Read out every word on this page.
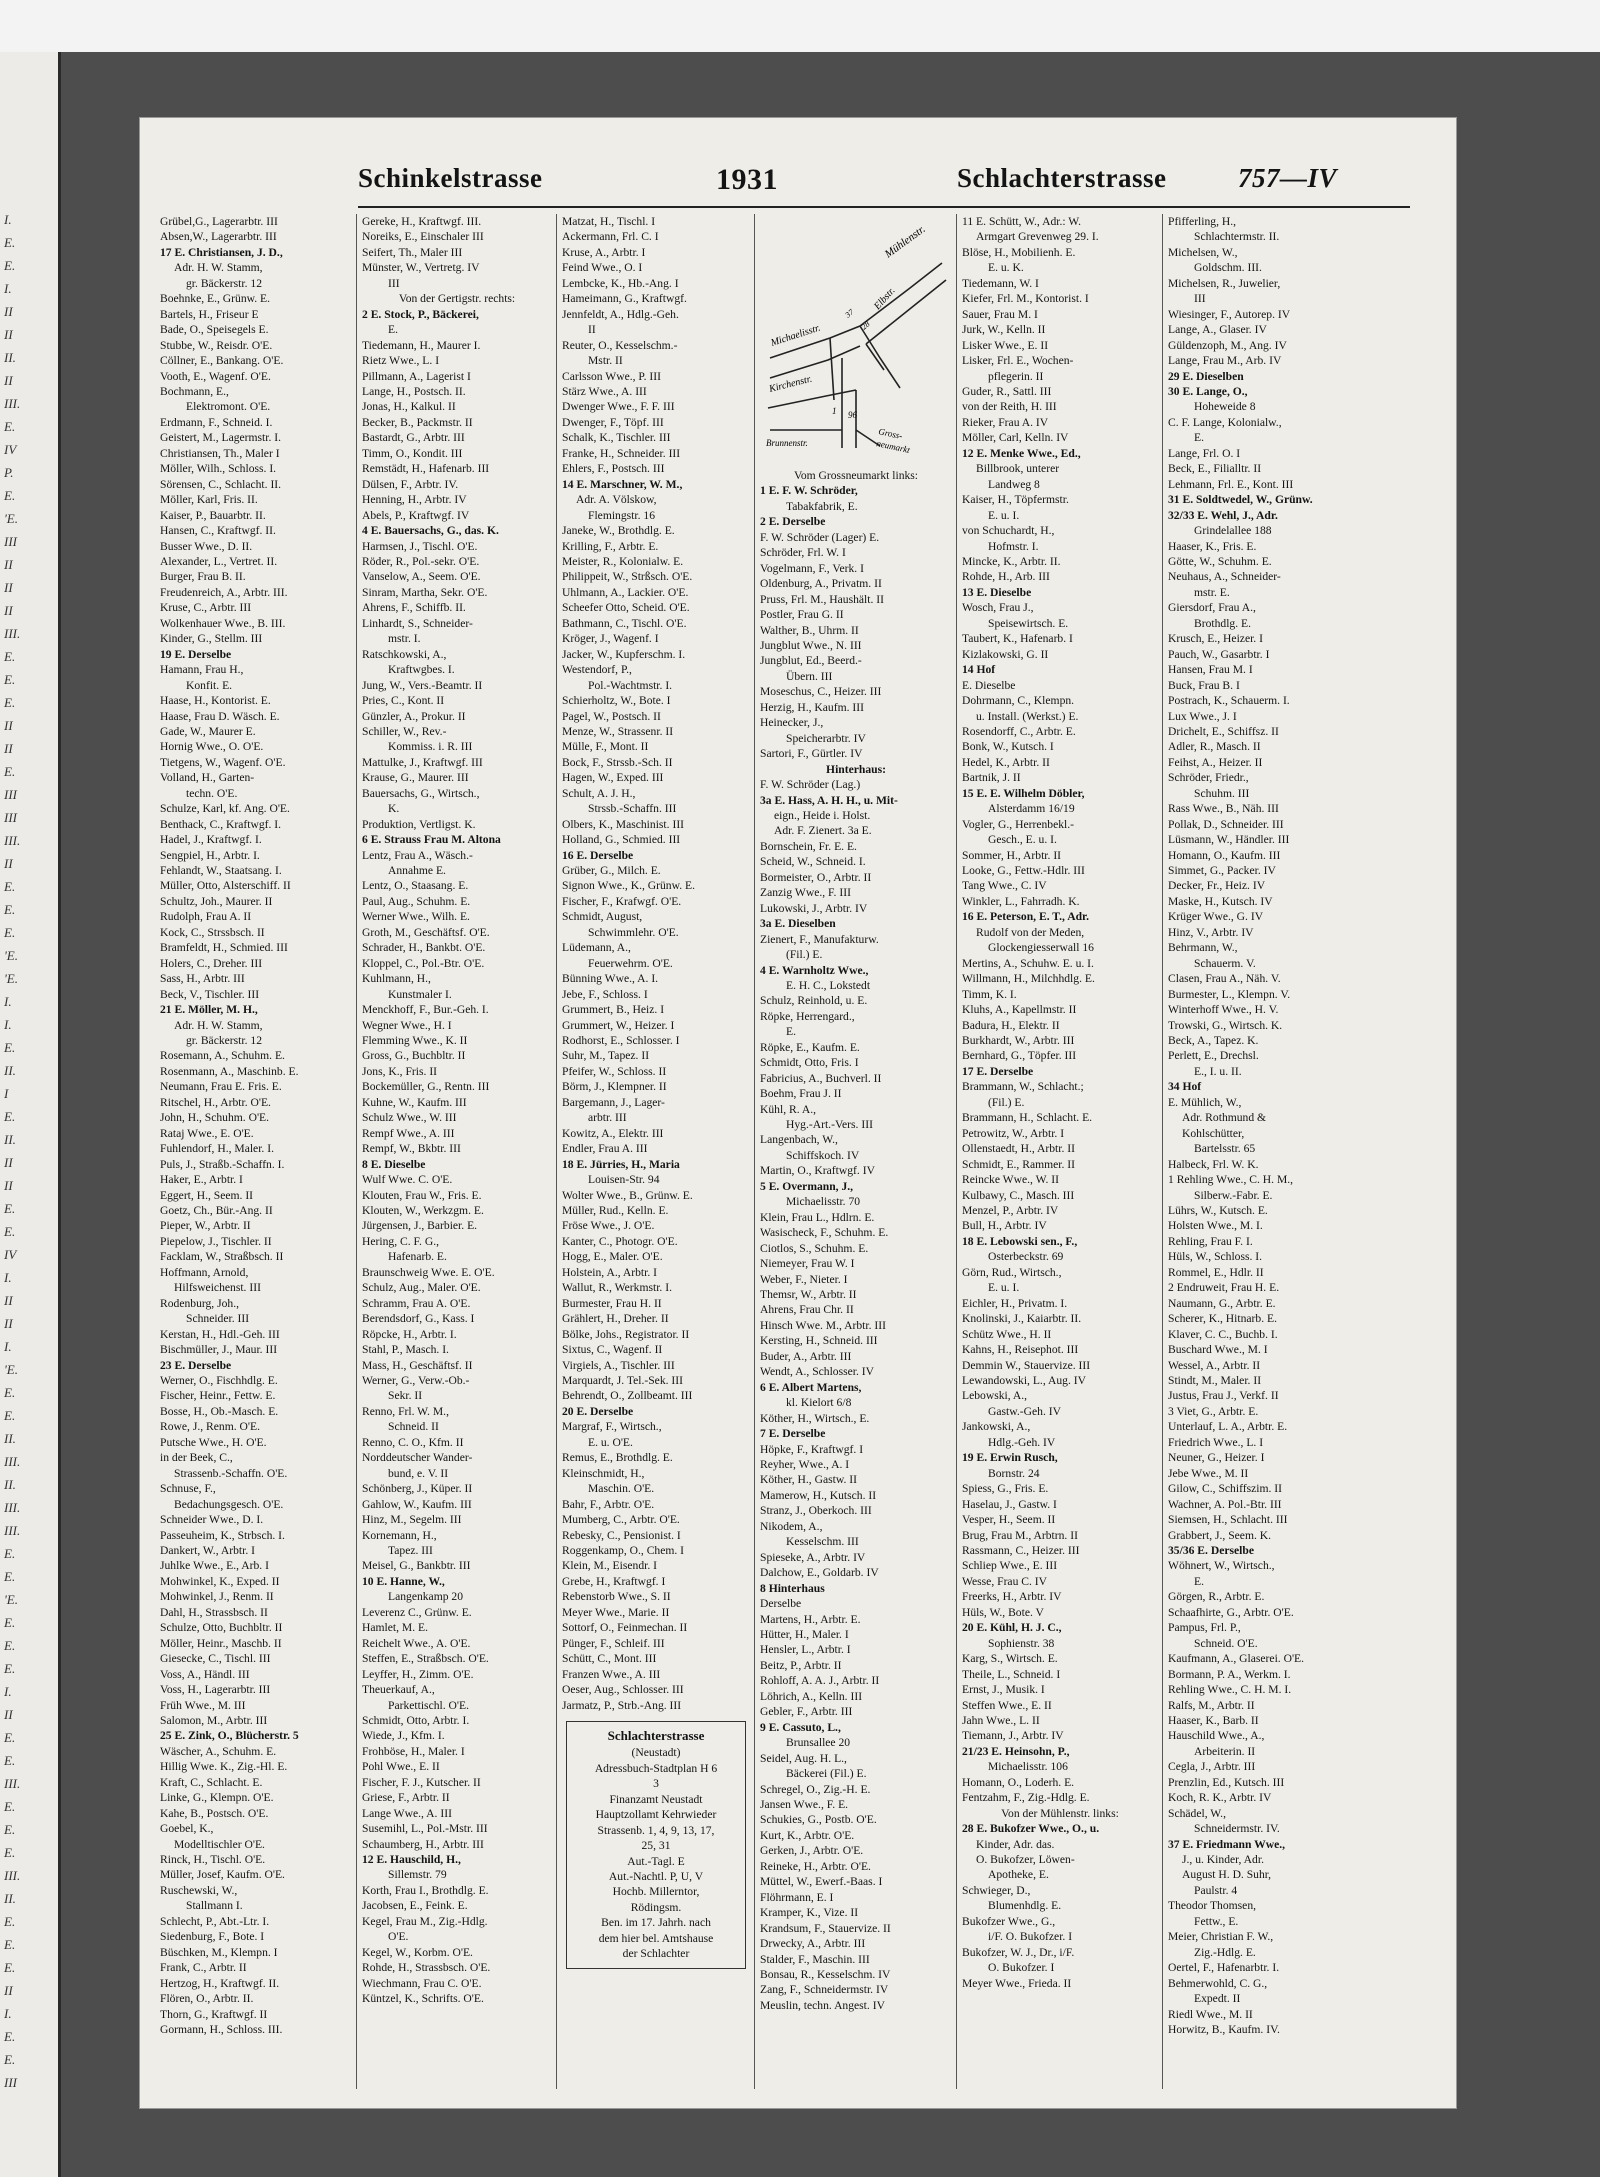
I.
E.
E.
I.
II
II
II.
II
III.
E.
IV
P.
E.
'E.
III
II
II
II
III.
E.
E.
E.
II
II
E.
III
III
III.
II
E.
E.
E.
'E.
'E.
I.
I.
E.
II.
I
E.
II.
II
II
E.
E.
IV
I.
II
II
I.
'E.
E.
E.
II.
III.
II.
III.
III.
E.
E.
'E.
E.
E.
E.
I.
II
E.
E.
III.
E.
E.
E.
III.
II.
E.
E.
E.
II
I.
E.
E.
III
Schinkelstrasse	1931	Schlachterstrasse	757—IV
Grübel,G., Lagerarbtr. III
Absen,W., Lagerarbtr. III
17 E. Christiansen, J. D.,
Adr. H. W. Stamm,
gr. Bäckerstr. 12
Boehnke, E., Grünw. E.
Bartels, H., Friseur E
Bade, O., Speisegels E.
Stubbe, W., Reisdr. O'E.
Cöllner, E., Bankang. O'E.
Vooth, E., Wagenf. O'E.
Bochmann, E.,
Elektromont. O'E.
Erdmann, F., Schneid. I.
Geistert, M., Lagermstr. I.
Christiansen, Th., Maler I
Möller, Wilh., Schloss. I.
Sörensen, C., Schlacht. II.
Möller, Karl, Fris. II.
Kaiser, P., Bauarbtr. II.
Hansen, C., Kraftwgf. II.
Busser Wwe., D. II.
Alexander, L., Vertret. II.
Burger, Frau B. II.
Freudenreich, A., Arbtr. III.
Kruse, C., Arbtr. III
Wolkenhauer Wwe., B. III.
Kinder, G., Stellm. III
19 E. Derselbe
Hamann, Frau H.,
Konfit. E.
Haase, H., Kontorist. E.
Haase, Frau D. Wäsch. E.
Gade, W., Maurer E.
Hornig Wwe., O. O'E.
Tietgens, W., Wagenf. O'E.
Volland, H., Garten-
techn. O'E.
Schulze, Karl, kf. Ang. O'E.
Benthack, C., Kraftwgf. I.
Hadel, J., Kraftwgf. I.
Sengpiel, H., Arbtr. I.
Fehlandt, W., Staatsang. I.
Müller, Otto, Alsterschiff. II
Schultz, Joh., Maurer. II
Rudolph, Frau A. II
Kock, C., Strssbsch. II
Bramfeldt, H., Schmied. III
Holers, C., Dreher. III
Sass, H., Arbtr. III
Beck, V., Tischler. III
21 E. Möller, M. H.,
Adr. H. W. Stamm,
gr. Bäckerstr. 12
Rosemann, A., Schuhm. E.
Rosenmann, A., Maschinb. E.
Neumann, Frau E. Fris. E.
Ritschel, H., Arbtr. O'E.
John, H., Schuhm. O'E.
Rataj Wwe., E. O'E.
Fuhlendorf, H., Maler. I.
Puls, J., Straßb.-Schaffn. I.
Haker, E., Arbtr. I
Eggert, H., Seem. II
Goetz, Ch., Bür.-Ang. II
Pieper, W., Arbtr. II
Piepelow, J., Tischler. II
Facklam, W., Straßbsch. II
Hoffmann, Arnold,
Hilfsweichenst. III
Rodenburg, Joh.,
Schneider. III
Kerstan, H., Hdl.-Geh. III
Bischmüller, J., Maur. III
23 E. Derselbe
Werner, O., Fischhdlg. E.
Fischer, Heinr., Fettw. E.
Bosse, H., Ob.-Masch. E.
Rowe, J., Renm. O'E.
Putsche Wwe., H. O'E.
in der Beek, C.,
Strassenb.-Schaffn. O'E.
Schnuse, F.,
Bedachungsgesch. O'E.
Schneider Wwe., D. I.
Passeuheim, K., Strbsch. I.
Dankert, W., Arbtr. I
Juhlke Wwe., E., Arb. I
Mohwinkel, K., Exped. II
Mohwinkel, J., Renm. II
Dahl, H., Strassbsch. II
Schulze, Otto, Buchbltr. II
Möller, Heinr., Maschb. II
Giesecke, C., Tischl. III
Voss, A., Händl. III
Voss, H., Lagerarbtr. III
Früh Wwe., M. III
Salomon, M., Arbtr. III
25 E. Zink, O., Blücherstr. 5
Wäscher, A., Schuhm. E.
Hillig Wwe. K., Zig.-Hl. E.
Kraft, C., Schlacht. E.
Linke, G., Klempn. O'E.
Kahe, B., Postsch. O'E.
Goebel, K.,
Modelltischler O'E.
Rinck, H., Tischl. O'E.
Müller, Josef, Kaufm. O'E.
Ruschewski, W.,
Stallmann I.
Schlecht, P., Abt.-Ltr. I.
Siedenburg, F., Bote. I
Büschken, M., Klempn. I
Frank, C., Arbtr. II
Hertzog, H., Kraftwgf. II.
Flören, O., Arbtr. II.
Thorn, G., Kraftwgf. II
Gormann, H., Schloss. III.
Gereke, H., Kraftwgf. III.
Noreiks, E., Einschaler III
Seifert, Th., Maler III
Münster, W., Vertretg. IV
III
Von der Gertigstr. rechts:
2 E. Stock, P., Bäckerei,
E.
Tiedemann, H., Maurer I.
Rietz Wwe., L. I
Pillmann, A., Lagerist I
Lange, H., Postsch. II.
Jonas, H., Kalkul. II
Becker, B., Packmstr. II
Bastardt, G., Arbtr. III
Timm, O., Kondit. III
Remstädt, H., Hafenarb. III
Dülsen, F., Arbtr. IV.
Henning, H., Arbtr. IV
Abels, P., Kraftwgf. IV
4 E. Bauersachs, G., das. K.
Harmsen, J., Tischl. O'E.
Röder, R., Pol.-sekr. O'E.
Vanselow, A., Seem. O'E.
Sinram, Martha, Sekr. O'E.
Ahrens, F., Schiffb. II.
Linhardt, S., Schneider-
mstr. I.
Ratschkowski, A.,
Kraftwgbes. I.
Jung, W., Vers.-Beamtr. II
Pries, C., Kont. II
Günzler, A., Prokur. II
Schiller, W., Rev.-
Kommiss. i. R. III
Mattulke, J., Kraftwgf. III
Krause, G., Maurer. III
Bauersachs, G., Wirtsch.,
K.
Produktion, Vertligst. K.
6 E. Strauss Frau M. Altona
Lentz, Frau A., Wäsch.-
Annahme E.
Lentz, O., Staasang. E.
Paul, Aug., Schuhm. E.
Werner Wwe., Wilh. E.
Groth, M., Geschäftsf. O'E.
Schrader, H., Bankbt. O'E.
Kloppel, C., Pol.-Btr. O'E.
Kuhlmann, H.,
Kunstmaler I.
Menckhoff, F., Bur.-Geh. I.
Wegner Wwe., H. I
Flemming Wwe., K. II
Gross, G., Buchbltr. II
Jons, K., Fris. II
Bockemüller, G., Rentn. III
Kuhne, W., Kaufm. III
Schulz Wwe., W. III
Rempf Wwe., A. III
Rempf, W., Bkbtr. III
8 E. Dieselbe
Wulf Wwe. C. O'E.
Klouten, Frau W., Fris. E.
Klouten, W., Werkzgm. E.
Jürgensen, J., Barbier. E.
Hering, C. F. G.,
Hafenarb. E.
Braunschweig Wwe. E. O'E.
Schulz, Aug., Maler. O'E.
Schramm, Frau A. O'E.
Berendsdorf, G., Kass. I
Röpcke, H., Arbtr. I.
Stahl, P., Masch. I.
Mass, H., Geschäftsf. II
Werner, G., Verw.-Ob.-
Sekr. II
Renno, Frl. W. M.,
Schneid. II
Renno, C. O., Kfm. II
Norddeutscher Wander-
bund, e. V. II
Schönberg, J., Küper. II
Gahlow, W., Kaufm. III
Hinz, M., Segelm. III
Kornemann, H.,
Tapez. III
Meisel, G., Bankbtr. III
10 E. Hanne, W.,
Langenkamp 20
Leverenz C., Grünw. E.
Hamlet, M. E.
Reichelt Wwe., A. O'E.
Steffen, E., Straßbsch. O'E.
Leyffer, H., Zimm. O'E.
Theuerkauf, A.,
Parkettischl. O'E.
Schmidt, Otto, Arbtr. I.
Wiede, J., Kfm. I.
Frohböse, H., Maler. I
Pohl Wwe., E. II
Fischer, F. J., Kutscher. II
Griese, F., Arbtr. II
Lange Wwe., A. III
Susemihl, L., Pol.-Mstr. III
Schaumberg, H., Arbtr. III
12 E. Hauschild, H.,
Sillemstr. 79
Korth, Frau I., Brothdlg. E.
Jacobsen, E., Feink. E.
Kegel, Frau M., Zig.-Hdlg.
O'E.
Kegel, W., Korbm. O'E.
Rohde, H., Strassbsch. O'E.
Wiechmann, Frau C. O'E.
Küntzel, K., Schrifts. O'E.
Matzat, H., Tischl. I
Ackermann, Frl. C. I
Kruse, A., Arbtr. I
Feind Wwe., O. I
Lembcke, K., Hb.-Ang. I
Hameimann, G., Kraftwgf.
Jennfeldt, A., Hdlg.-Geh.
II
Reuter, O., Kesselschm.-
Mstr. II
Carlsson Wwe., P. III
Stärz Wwe., A. III
Dwenger Wwe., F. F. III
Dwenger, F., Töpf. III
Schalk, K., Tischler. III
Franke, H., Schneider. III
Ehlers, F., Postsch. III
14 E. Marschner, W. M.,
Adr. A. Völskow,
Flemingstr. 16
Janeke, W., Brothdlg. E.
Krilling, F., Arbtr. E.
Meister, R., Kolonialw. E.
Philippeit, W., Strßsch. O'E.
Uhlmann, A., Lackier. O'E.
Scheefer Otto, Scheid. O'E.
Bathmann, C., Tischl. O'E.
Kröger, J., Wagenf. I
Jacker, W., Kupferschm. I.
Westendorf, P.,
Pol.-Wachtmstr. I.
Schierholtz, W., Bote. I
Pagel, W., Postsch. II
Menze, W., Strassenr. II
Mülle, F., Mont. II
Bock, F., Strssb.-Sch. II
Hagen, W., Exped. III
Schult, A. J. H.,
Strssb.-Schaffn. III
Olbers, K., Maschinist. III
Holland, G., Schmied. III
16 E. Derselbe
Grüber, G., Milch. E.
Signon Wwe., K., Grünw. E.
Fischer, F., Krafwgf. O'E.
Schmidt, August,
Schwimmlehr. O'E.
Lüdemann, A.,
Feuerwehrm. O'E.
Bünning Wwe., A. I.
Jebe, F., Schloss. I
Grummert, B., Heiz. I
Grummert, W., Heizer. I
Rodhorst, E., Schlosser. I
Suhr, M., Tapez. II
Pfeifer, W., Schloss. II
Börm, J., Klempner. II
Bargemann, J., Lager-
arbtr. III
Kowitz, A., Elektr. III
Endler, Frau A. III
18 E. Jürries, H., Maria
Louisen-Str. 94
Wolter Wwe., B., Grünw. E.
Müller, Rud., Kelln. E.
Fröse Wwe., J. O'E.
Kanter, C., Photogr. O'E.
Hogg, E., Maler. O'E.
Holstein, A., Arbtr. I
Wallut, R., Werkmstr. I.
Burmester, Frau H. II
Grählert, H., Dreher. II
Bölke, Johs., Registrator. II
Sixtus, C., Wagenf. II
Virgiels, A., Tischler. III
Marquardt, J. Tel.-Sek. III
Behrendt, O., Zollbeamt. III
20 E. Derselbe
Margraf, F., Wirtsch.,
E. u. O'E.
Remus, E., Brothdlg. E.
Kleinschmidt, H.,
Maschin. O'E.
Bahr, F., Arbtr. O'E.
Mumberg, C., Arbtr. O'E.
Rebesky, C., Pensionist. I
Roggenkamp, O., Chem. I
Klein, M., Eisendr. I
Grebe, H., Kraftwgf. I
Rebenstorb Wwe., S. II
Meyer Wwe., Marie. II
Sottorf, O., Feinmechan. II
Pünger, F., Schleif. III
Schütt, C., Mont. III
Franzen Wwe., A. III
Oeser, Aug., Schlosser. III
Jarmatz, P., Strb.-Ang. III
Schlachterstrasse
(Neustadt)
Adressbuch-Stadtplan H 6
3
Finanzamt Neustadt
Hauptzollamt Kehrwieder
Strassenb. 1, 4, 9, 13, 17,
25, 31
Aut.-Tagl. E
Aut.-Nachtl. P, U, V
Hochb. Millerntor,
Rödingsm.
Ben. im 17. Jahrh. nach
dem hier bel. Amtshause
der Schlachter
Mühlenstr.
Michaelisstr.
Elbstr.
Kirchenstr.
Brunnenstr.
Gross-
neumarkt
96
1
28
37
Vom Grossneumarkt links:
1 E. F. W. Schröder,
Tabakfabrik, E.
2 E. Derselbe
F. W. Schröder (Lager) E.
Schröder, Frl. W. I
Vogelmann, F., Verk. I
Oldenburg, A., Privatm. II
Pruss, Frl. M., Haushält. II
Postler, Frau G. II
Walther, B., Uhrm. II
Jungblut Wwe., N. III
Jungblut, Ed., Beerd.-
Übern. III
Moseschus, C., Heizer. III
Herzig, H., Kaufm. III
Heinecker, J.,
Speicherarbtr. IV
Sartori, F., Gürtler. IV
Hinterhaus:
F. W. Schröder (Lag.)
3a E. Hass, A. H. H., u. Mit-
eign., Heide i. Holst.
Adr. F. Zienert. 3a E.
Bornschein, Fr. E. E.
Scheid, W., Schneid. I.
Bormeister, O., Arbtr. II
Zanzig Wwe., F. III
Lukowski, J., Arbtr. IV
3a E. Dieselben
Zienert, F., Manufakturw.
(Fil.) E.
4 E. Warnholtz Wwe.,
E. H. C., Lokstedt
Schulz, Reinhold, u. E.
Röpke, Herrengard.,
E.
Röpke, E., Kaufm. E.
Schmidt, Otto, Fris. I
Fabricius, A., Buchverl. II
Boehm, Frau J. II
Kühl, R. A.,
Hyg.-Art.-Vers. III
Langenbach, W.,
Schiffskoch. IV
Martin, O., Kraftwgf. IV
5 E. Overmann, J.,
Michaelisstr. 70
Klein, Frau L., Hdlrn. E.
Wasischeck, F., Schuhm. E.
Ciotlos, S., Schuhm. E.
Niemeyer, Frau W. I
Weber, F., Nieter. I
Themsr, W., Arbtr. II
Ahrens, Frau Chr. II
Hinsch Wwe. M., Arbtr. III
Kersting, H., Schneid. III
Buder, A., Arbtr. III
Wendt, A., Schlosser. IV
6 E. Albert Martens,
kl. Kielort 6/8
Köther, H., Wirtsch., E.
7 E. Derselbe
Höpke, F., Kraftwgf. I
Reyher, Wwe., A. I
Köther, H., Gastw. II
Mamerow, H., Kutsch. II
Stranz, J., Oberkoch. III
Nikodem, A.,
Kesselschm. III
Spieseke, A., Arbtr. IV
Dalchow, E., Goldarb. IV
8 Hinterhaus
Derselbe
Martens, H., Arbtr. E.
Hütter, H., Maler. I
Hensler, L., Arbtr. I
Beitz, P., Arbtr. II
Rohloff, A. A. J., Arbtr. II
Löhrich, A., Kelln. III
Gebler, F., Arbtr. III
9 E. Cassuto, L.,
Brunsallee 20
Seidel, Aug. H. L.,
Bäckerei (Fil.) E.
Schregel, O., Zig.-H. E.
Jansen Wwe., F. E.
Schukies, G., Postb. O'E.
Kurt, K., Arbtr. O'E.
Gerken, J., Arbtr. O'E.
Reineke, H., Arbtr. O'E.
Müttel, W., Ewerf.-Baas. I
Flöhrmann, E. I
Kramper, K., Vize. II
Krandsum, F., Stauervize. II
Drwecky, A., Arbtr. III
Stalder, F., Maschin. III
Bonsau, R., Kesselschm. IV
Zang, F., Schneidermstr. IV
Meuslin, techn. Angest. IV
11 E. Schütt, W., Adr.: W.
Armgart Grevenweg 29. I.
Blöse, H., Mobilienh. E.
E. u. K.
Tiedemann, W. I
Kiefer, Frl. M., Kontorist. I
Sauer, Frau M. I
Jurk, W., Kelln. II
Lisker Wwe., E. II
Lisker, Frl. E., Wochen-
pflegerin. II
Guder, R., Sattl. III
von der Reith, H. III
Rieker, Frau A. IV
Möller, Carl, Kelln. IV
12 E. Menke Wwe., Ed.,
Billbrook, unterer
Landweg 8
Kaiser, H., Töpfermstr.
E. u. I.
von Schuchardt, H.,
Hofmstr. I.
Mincke, K., Arbtr. II.
Rohde, H., Arb. III
13 E. Dieselbe
Wosch, Frau J.,
Speisewirtsch. E.
Taubert, K., Hafenarb. I
Kizlakowski, G. II
14 Hof
E. Dieselbe
Dohrmann, C., Klempn.
u. Install. (Werkst.) E.
Rosendorff, C., Arbtr. E.
Bonk, W., Kutsch. I
Hedel, K., Arbtr. II
Bartnik, J. II
15 E. E. Wilhelm Döbler,
Alsterdamm 16/19
Vogler, G., Herrenbekl.-
Gesch., E. u. I.
Sommer, H., Arbtr. II
Looke, G., Fettw.-Hdlr. III
Tang Wwe., C. IV
Winkler, L., Fahrradh. K.
16 E. Peterson, E. T., Adr.
Rudolf von der Meden,
Glockengiesserwall 16
Mertins, A., Schuhw. E. u. I.
Willmann, H., Milchhdlg. E.
Timm, K. I.
Kluhs, A., Kapellmstr. II
Badura, H., Elektr. II
Burkhardt, W., Arbtr. III
Bernhard, G., Töpfer. III
17 E. Derselbe
Brammann, W., Schlacht.;
(Fil.) E.
Brammann, H., Schlacht. E.
Petrowitz, W., Arbtr. I
Ollenstaedt, H., Arbtr. II
Schmidt, E., Rammer. II
Reincke Wwe., W. II
Kulbawy, C., Masch. III
Menzel, P., Arbtr. IV
Bull, H., Arbtr. IV
18 E. Lebowski sen., F.,
Osterbeckstr. 69
Görn, Rud., Wirtsch.,
E. u. I.
Eichler, H., Privatm. I.
Knolinski, J., Kaiarbtr. II.
Schütz Wwe., H. II
Kahns, H., Reisephot. III
Demmin W., Stauervize. III
Lewandowski, L., Aug. IV
Lebowski, A.,
Gastw.-Geh. IV
Jankowski, A.,
Hdlg.-Geh. IV
19 E. Erwin Rusch,
Bornstr. 24
Spiess, G., Fris. E.
Haselau, J., Gastw. I
Vesper, H., Seem. II
Brug, Frau M., Arbtrn. II
Rassmann, C., Heizer. III
Schliep Wwe., E. III
Wesse, Frau C. IV
Freerks, H., Arbtr. IV
Hüls, W., Bote. V
20 E. Kühl, H. J. C.,
Sophienstr. 38
Karg, S., Wirtsch. E.
Theile, L., Schneid. I
Ernst, J., Musik. I
Steffen Wwe., E. II
Jahn Wwe., L. II
Tiemann, J., Arbtr. IV
21/23 E. Heinsohn, P.,
Michaelisstr. 106
Homann, O., Loderh. E.
Fentzahm, F., Zig.-Hdlg. E.
Von der Mühlenstr. links:
28 E. Bukofzer Wwe., O., u.
Kinder, Adr. das.
O. Bukofzer, Löwen-
Apotheke, E.
Schwieger, D.,
Blumenhdlg. E.
Bukofzer Wwe., G.,
i/F. O. Bukofzer. I
Bukofzer, W. J., Dr., i/F.
O. Bukofzer. I
Meyer Wwe., Frieda. II
Pfifferling, H.,
Schlachtermstr. II.
Michelsen, W.,
Goldschm. III.
Michelsen, R., Juwelier,
III
Wiesinger, F., Autorep. IV
Lange, A., Glaser. IV
Güldenzoph, M., Ang. IV
Lange, Frau M., Arb. IV
29 E. Dieselben
30 E. Lange, O.,
Hoheweide 8
C. F. Lange, Kolonialw.,
E.
Lange, Frl. O. I
Beck, E., Filialltr. II
Lehmann, Frl. E., Kont. III
31 E. Soldtwedel, W., Grünw.
32/33 E. Wehl, J., Adr.
Grindelallee 188
Haaser, K., Fris. E.
Götte, W., Schuhm. E.
Neuhaus, A., Schneider-
mstr. E.
Giersdorf, Frau A.,
Brothdlg. E.
Krusch, E., Heizer. I
Pauch, W., Gasarbtr. I
Hansen, Frau M. I
Buck, Frau B. I
Postrach, K., Schauerm. I.
Lux Wwe., J. I
Drichelt, E., Schiffsz. II
Adler, R., Masch. II
Feihst, A., Heizer. II
Schröder, Friedr.,
Schuhm. III
Rass Wwe., B., Näh. III
Pollak, D., Schneider. III
Lüsmann, W., Händler. III
Homann, O., Kaufm. III
Simmet, G., Packer. IV
Decker, Fr., Heiz. IV
Maske, H., Kutsch. IV
Krüger Wwe., G. IV
Hinz, V., Arbtr. IV
Behrmann, W.,
Schauerm. V.
Clasen, Frau A., Näh. V.
Burmester, L., Klempn. V.
Winterhoff Wwe., H. V.
Trowski, G., Wirtsch. K.
Beck, A., Tapez. K.
Perlett, E., Drechsl.
E., I. u. II.
34 Hof
E. Mühlich, W.,
Adr. Rothmund &
Kohlschütter,
Bartelsstr. 65
Halbeck, Frl. W. K.
1 Rehling Wwe., C. H. M.,
Silberw.-Fabr. E.
Lührs, W., Kutsch. E.
Holsten Wwe., M. I.
Rehling, Frau F. I.
Hüls, W., Schloss. I.
Rommel, E., Hdlr. II
2 Endruweit, Frau H. E.
Naumann, G., Arbtr. E.
Scherer, K., Hitnarb. E.
Klaver, C. C., Buchb. I.
Buschard Wwe., M. I
Wessel, A., Arbtr. II
Stindt, M., Maler. II
Justus, Frau J., Verkf. II
3 Viet, G., Arbtr. E.
Unterlauf, L. A., Arbtr. E.
Friedrich Wwe., L. I
Neuner, G., Heizer. I
Jebe Wwe., M. II
Gilow, C., Schiffszim. II
Wachner, A. Pol.-Btr. III
Siemsen, H., Schlacht. III
Grabbert, J., Seem. K.
35/36 E. Derselbe
Wöhnert, W., Wirtsch.,
E.
Görgen, R., Arbtr. E.
Schaafhirte, G., Arbtr. O'E.
Pampus, Frl. P.,
Schneid. O'E.
Kaufmann, A., Glaserei. O'E.
Bormann, P. A., Werkm. I.
Rehling Wwe., C. H. M. I.
Ralfs, M., Arbtr. II
Haaser, K., Barb. II
Hauschild Wwe., A.,
Arbeiterin. II
Cegla, J., Arbtr. III
Prenzlin, Ed., Kutsch. III
Koch, R. K., Arbtr. IV
Schädel, W.,
Schneidermstr. IV.
37 E. Friedmann Wwe.,
J., u. Kinder, Adr.
August H. D. Suhr,
Paulstr. 4
Theodor Thomsen,
Fettw., E.
Meier, Christian F. W.,
Zig.-Hdlg. E.
Oertel, F., Hafenarbtr. I.
Behmerwohld, C. G.,
Expedt. II
Riedl Wwe., M. II
Horwitz, B., Kaufm. IV.
